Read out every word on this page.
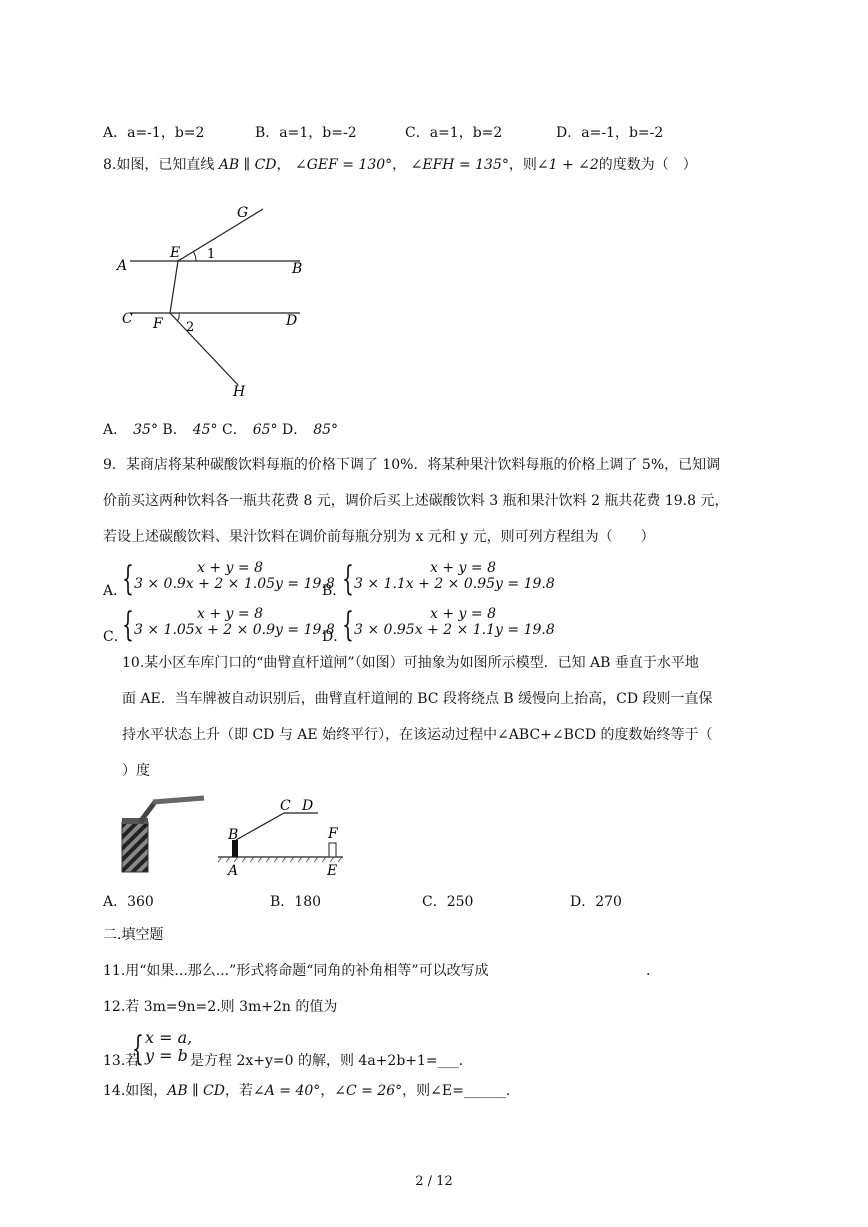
A．a=-1，b=2	B．a=1，b=-2	C．a=1，b=2	D．a=-1，b=-2
8.如图，已知直线 AB ∥ CD， ∠GEF = 130°， ∠EFH = 135°，则∠1 + ∠2的度数为（　）
G
E 1
A	B
C F 2	D
H
A． 35° B． 45° C． 65° D． 85°
9．某商店将某种碳酸饮料每瓶的价格下调了 10%．将某种果汁饮料每瓶的价格上调了 5%，已知调
价前买这两种饮料各一瓶共花费 8 元，调价后买上述碳酸饮料 3 瓶和果汁饮料 2 瓶共花费 19.8 元，
若设上述碳酸饮料、果汁饮料在调价前每瓶分别为 x 元和 y 元，则可列方程组为（　　）
A．
{	x + y = 8
3 × 0.9x + 2 × 1.05y = 19.8
B．
{	x + y = 8
3 × 1.1x + 2 × 0.95y = 19.8
C．
{	x + y = 8
3 × 1.05x + 2 × 0.9y = 19.8
D．
{	x + y = 8
3 × 0.95x + 2 × 1.1y = 19.8
10.某小区车库门口的“曲臂直杆道闸”（如图）可抽象为如图所示模型．已知 AB 垂直于水平地
面 AE．当车牌被自动识别后，曲臂直杆道闸的 BC 段将绕点 B 缓慢向上抬高，CD 段则一直保
持水平状态上升（即 CD 与 AE 始终平行），在该运动过程中∠ABC+∠BCD 的度数始终等于（
）度
C D
B	F
A	E
A．360	B．180	C．250	D．270
二.填空题
11.用“如果...那么...”形式将命题“同角的补角相等”可以改写成	.
12.若 3m=9n=2.则 3m+2n 的值为
13.若
{ x = a,
y = b 是方程 2x+y=0 的解，则 4a+2b+1=___.
14.如图，AB ∥ CD，若∠A = 40°，∠C = 26°，则∠E=______.
2 / 12
